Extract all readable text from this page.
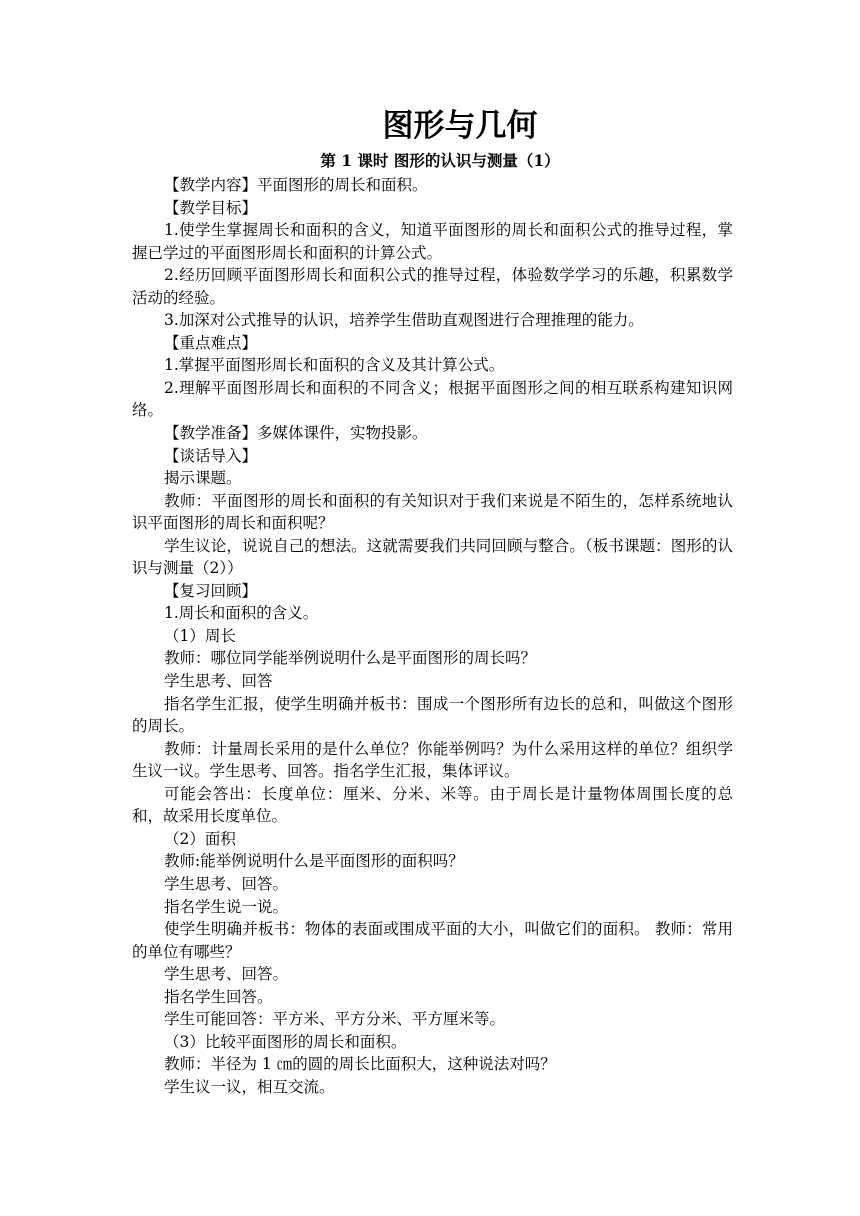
图形与几何
第 1 课时 图形的认识与测量（1）

【教学内容】平面图形的周长和面积。

【教学目标】

1.使学生掌握周长和面积的含义，知道平面图形的周长和面积公式的推导过程，掌握已学过的平面图形周长和面积的计算公式。

2.经历回顾平面图形周长和面积公式的推导过程，体验数学学习的乐趣，积累数学活动的经验。

3.加深对公式推导的认识，培养学生借助直观图进行合理推理的能力。

【重点难点】

1.掌握平面图形周长和面积的含义及其计算公式。

2.理解平面图形周长和面积的不同含义；根据平面图形之间的相互联系构建知识网络。

【教学准备】多媒体课件，实物投影。

【谈话导入】

揭示课题。

教师：平面图形的周长和面积的有关知识对于我们来说是不陌生的，怎样系统地认识平面图形的周长和面积呢？

学生议论，说说自己的想法。这就需要我们共同回顾与整合。（板书课题：图形的认识与测量（2））

【复习回顾】

1.周长和面积的含义。

（1）周长

教师：哪位同学能举例说明什么是平面图形的周长吗？

学生思考、回答

指名学生汇报，使学生明确并板书：围成一个图形所有边长的总和，叫做这个图形的周长。

教师：计量周长采用的是什么单位？你能举例吗？为什么采用这样的单位？组织学生议一议。学生思考、回答。指名学生汇报，集体评议。

可能会答出：长度单位：厘米、分米、米等。由于周长是计量物体周围长度的总和，故采用长度单位。

（2）面积

教师:能举例说明什么是平面图形的面积吗？

学生思考、回答。

指名学生说一说。

使学生明确并板书：物体的表面或围成平面的大小，叫做它们的面积。 教师：常用的单位有哪些？

学生思考、回答。

指名学生回答。

学生可能回答：平方米、平方分米、平方厘米等。

（3）比较平面图形的周长和面积。

教师：半径为 1 ㎝的圆的周长比面积大，这种说法对吗？

学生议一议，相互交流。
